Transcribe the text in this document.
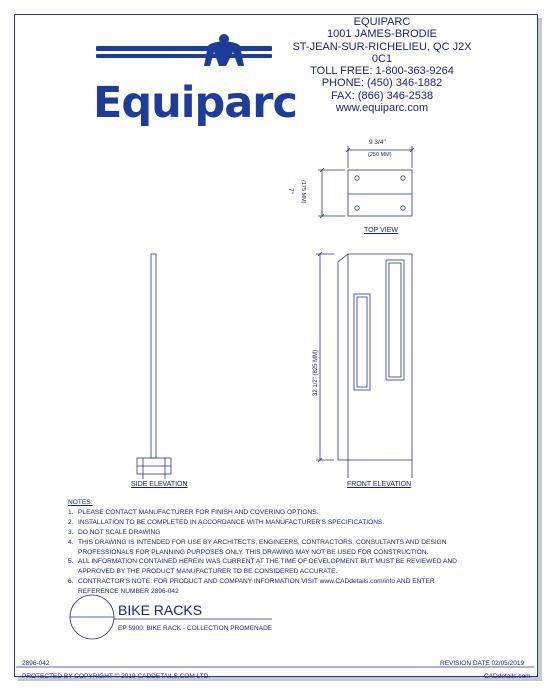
Equiparc
EQUIPARC
1001 JAMES-BRODIE
ST-JEAN-SUR-RICHELIEU, QC J2X 0C1
TOLL FREE: 1-800-363-9264
PHONE: (450) 346-1882
FAX: (866) 346-2538
www.equiparc.com
9 3/4"
(250 MM)
7" (175 MM)
32 1/2" (825 MM)
TOP VIEW
SIDE ELEVATION	FRONT ELEVATION
NOTES:
1. PLEASE CONTACT MANUFACTURER FOR FINISH AND COVERING OPTIONS.
2. INSTALLATION TO BE COMPLETED IN ACCORDANCE WITH MANUFACTURER'S SPECIFICATIONS.
3. DO NOT SCALE DRAWING
4. THIS DRAWING IS INTENDED FOR USE BY ARCHITECTS, ENGINEERS, CONTRACTORS, CONSULTANTS AND DESIGN PROFESSIONALS FOR PLANNING PURPOSES ONLY. THIS DRAWING MAY NOT BE USED FOR CONSTRUCTION.
5. ALL INFORMATION CONTAINED HEREIN WAS CURRENT AT THE TIME OF DEVELOPMENT BUT MUST BE REVIEWED AND APPROVED BY THE PRODUCT MANUFACTURER TO BE CONSIDERED ACCURATE.
6. CONTRACTOR'S NOTE: FOR PRODUCT AND COMPANY INFORMATION VISIT www.CADdetails.com/info AND ENTER REFERENCE NUMBER 2896-042
BIKE RACKS
EP 5900: BIKE RACK - COLLECTION PROMENADE
2896-042	REVISION DATE 02/05/2019
PROTECTED BY COPYRIGHT © 2019 CADDETAILS.COM LTD.	CADdetails.com
